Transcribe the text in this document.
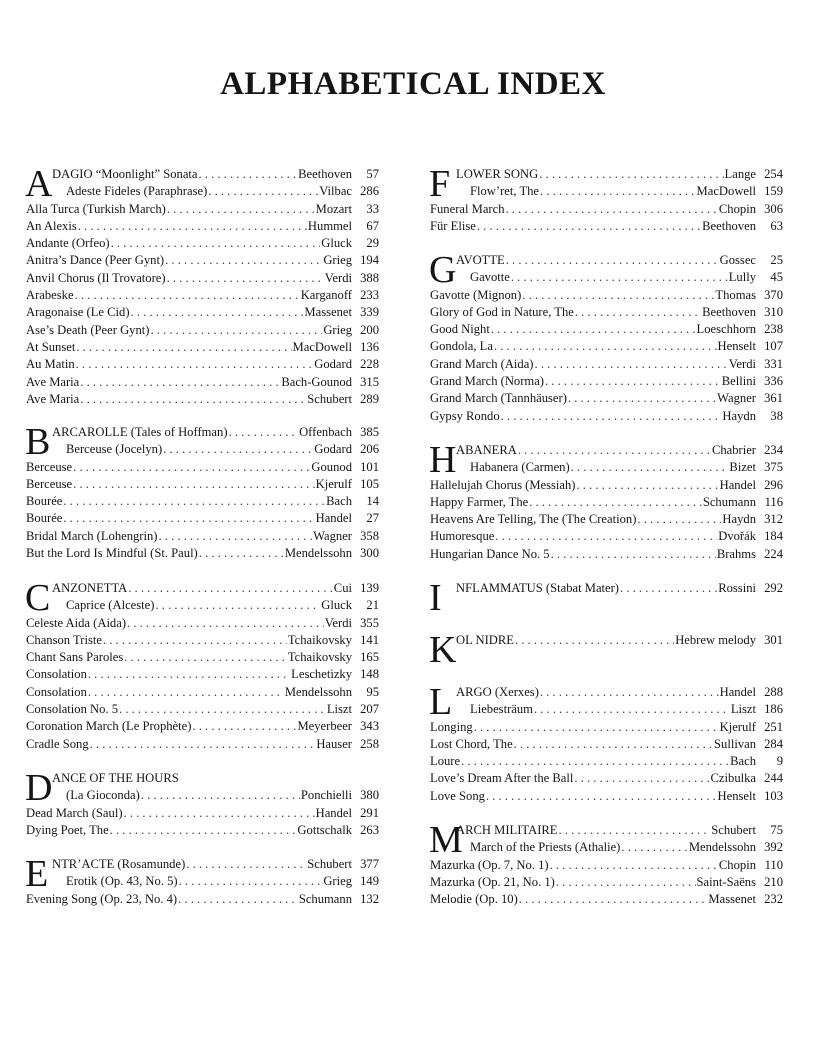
ALPHABETICAL INDEX
A DAGIO “Moonlight” Sonata . . .	Beethoven	57
Adeste Fideles (Paraphrase) . . .	Vilbac 286
Alla Turca (Turkish March) . . .	Mozart	33
An Alexis . . .	Hummel	67
Andante (Orfeo) . . .	Gluck	29
Anitra’s Dance (Peer Gynt) . . .	Grieg 194
Anvil Chorus (Il Trovatore) . . .	Verdi 388
Arabeske . . .	Karganoff 233
Aragonaise (Le Cid) . . .	Massenet 339
Ase’s Death (Peer Gynt) . . .	Grieg 200
At Sunset . . .	MacDowell 136
Au Matin . . .	Godard 228
Ave Maria . . .	Bach-Gounod 315
Ave Maria . . .	Schubert 289
B ARCAROLLE (Tales of Hoffman) . . .	Offenbach 385
Berceuse (Jocelyn) . . .	Godard 206
Berceuse . . .	Gounod 101
Berceuse . . .	Kjerulf 105
Bourée . . .	Bach	14
Bourée . . .	Handel	27
Bridal March (Lohengrin) . . .	Wagner 358
But the Lord Is Mindful (St. Paul) . . .	Mendelssohn 300
C ANZONETTA . . .	Cui 139
Caprice (Alceste) . . .	Gluck	21
Celeste Aida (Aida) . . .	Verdi 355
Chanson Triste . . .	Tchaikovsky 141
Chant Sans Paroles . . .	Tchaikovsky 165
Consolation . . .	Leschetizky 148
Consolation . . .	Mendelssohn	95
Consolation No. 5 . . .	Liszt 207
Coronation March (Le Prophète) . . .	Meyerbeer 343
Cradle Song . . .	Hauser 258
D ANCE OF THE HOURS
(La Gioconda) . . .	Ponchielli 380
Dead March (Saul) . . .	Handel 291
Dying Poet, The . . .	Gottschalk 263
E NTR’ACTE (Rosamunde) . . .	Schubert 377
Erotik (Op. 43, No. 5) . . .	Grieg 149
Evening Song (Op. 23, No. 4) . . .	Schumann 132
F LOWER SONG . . .	Lange 254
Flow’ret, The . . .	MacDowell 159
Funeral March . . .	Chopin 306
Für Elise . . .	Beethoven	63
G AVOTTE . . .	Gossec	25
Gavotte . . .	Lully	45
Gavotte (Mignon) . . .	Thomas 370
Glory of God in Nature, The . . .	Beethoven 310
Good Night . . .	Loeschhorn 238
Gondola, La . . .	Henselt 107
Grand March (Aida) . . .	Verdi 331
Grand March (Norma) . . .	Bellini 336
Grand March (Tannhäuser) . . .	Wagner 361
Gypsy Rondo . . .	Haydn	38
H ABANERA . . .	Chabrier 234
Habanera (Carmen) . . .	Bizet 375
Hallelujah Chorus (Messiah) . . .	Handel 296
Happy Farmer, The . . .	Schumann 116
Heavens Are Telling, The (The Creation) . . .	Haydn 312
Humoresque . . .	Dvořák 184
Hungarian Dance No. 5 . . .	Brahms 224
I NFLAMMATUS (Stabat Mater) . . .	Rossini 292
K OL NIDRE . . .	Hebrew melody 301
L ARGO (Xerxes) . . .	Handel 288
Liebesträum . . .	Liszt 186
Longing . . .	Kjerulf 251
Lost Chord, The . . .	Sullivan 284
Loure . . .	Bach	9
Love’s Dream After the Ball . . .	Czibulka 244
Love Song . . .	Henselt 103
M
ARCH MILITAIRE . . .	Schubert	75
March of the Priests (Athalie) . . .	Mendelssohn 392
Mazurka (Op. 7, No. 1) . . .	Chopin 110
Mazurka (Op. 21, No. 1) . . .	Saint-Saëns 210
Melodie (Op. 10) . . .	Massenet 232
